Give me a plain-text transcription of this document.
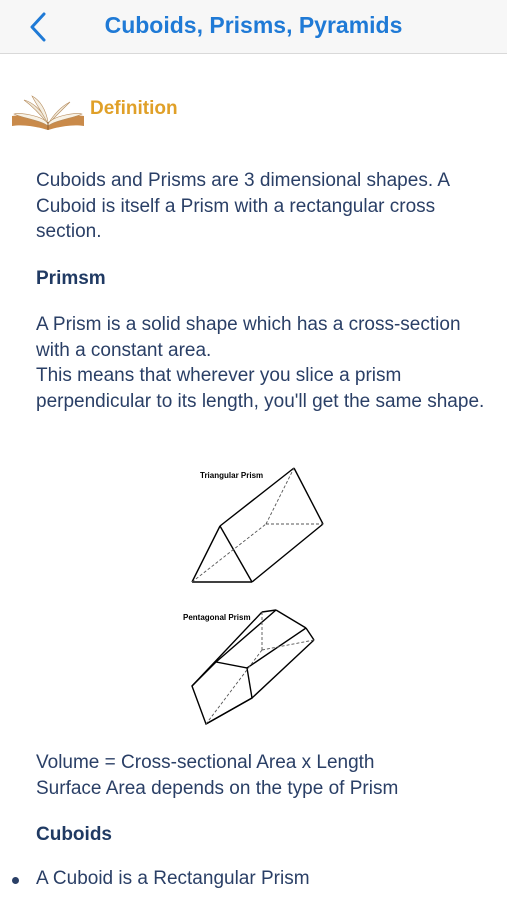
Cuboids, Prisms, Pyramids
Definition

Cuboids and Prisms are 3 dimensional shapes. A Cuboid is itself a Prism with a rectangular cross section.

Primsm

A Prism is a solid shape which has a cross-section with a constant area.

This means that wherever you slice a prism perpendicular to its length, you'll get the same shape.

Triangular Prism
Pentagonal Prism

Volume = Cross-sectional Area x Length

Surface Area depends on the type of Prism

Cuboids

A Cuboid is a Rectangular Prism
